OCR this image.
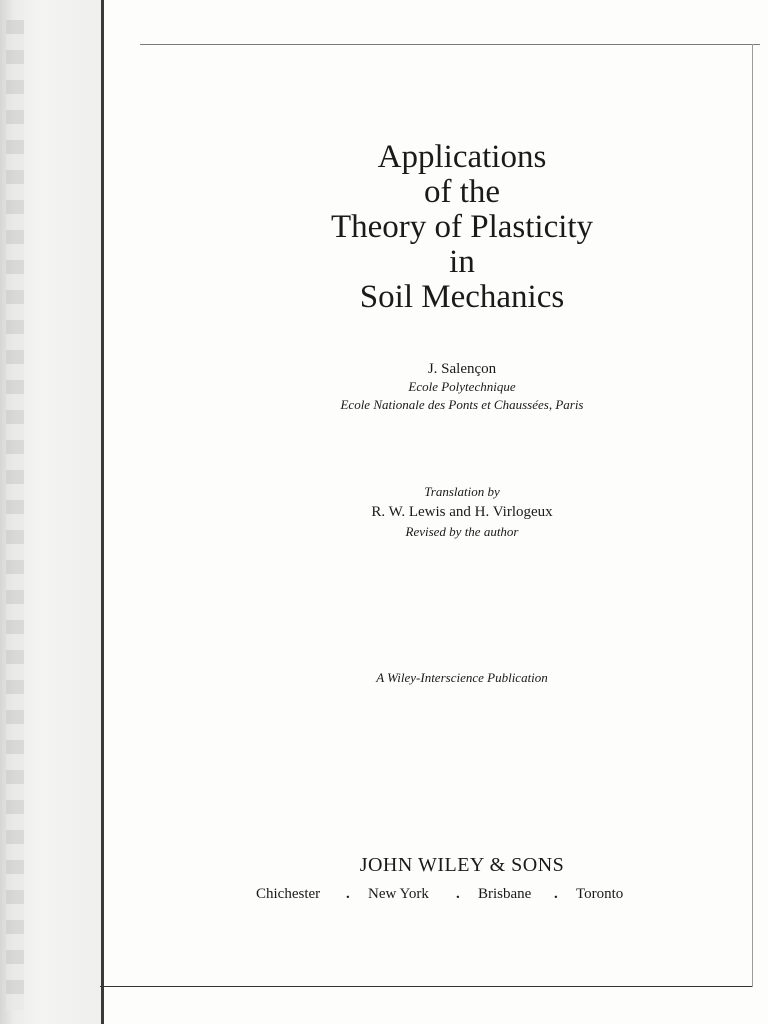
Applications
of the
Theory of Plasticity
in
Soil Mechanics
J. Salençon
Ecole Polytechnique
Ecole Nationale des Ponts et Chaussées, Paris
Translation by
R. W. Lewis and H. Virlogeux
Revised by the author
A Wiley-Interscience Publication
JOHN WILEY & SONS
Chichester . New York . Brisbane . Toronto
